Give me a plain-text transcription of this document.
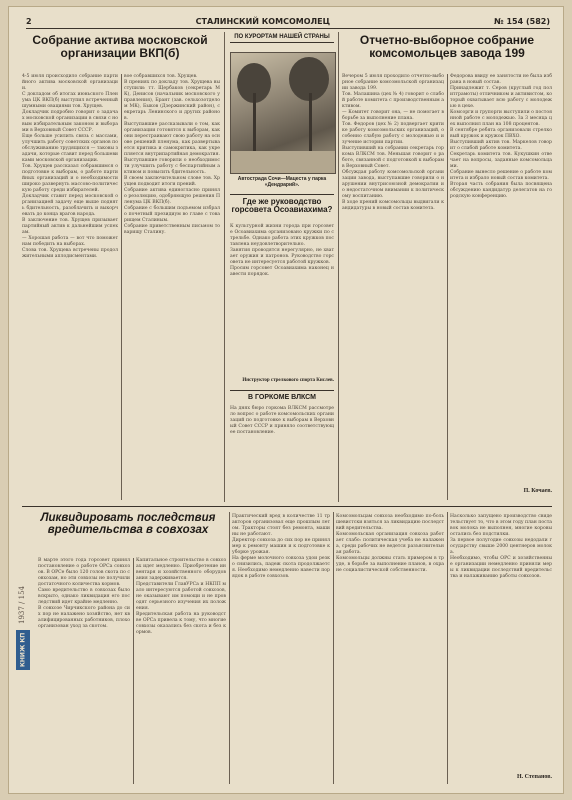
2	СТАЛИНСКИЙ КОМСОМОЛЕЦ	№ 154 (582)
Собрание актива московской организации ВКП(б)
4-5 июля происходило собрание партийного актива московской организации.
С докладом об итогах июньского Пленума ЦК ВКП(б) выступил встреченный шумными овациями тов. Хрущев.
Докладчик подробно говорит о задачах московской организации в связи с новым избирательным законом и выборами в Верховный Совет СССР.
Еще больше усилить связь с массами, улучшить работу советских органов по обслуживанию трудящихся — таковы задачи, которые ставит перед большевиками московской организации.
Тов. Хрущев рассказал собравшимся о подготовке к выборам, о работе партийных организаций и о необходимости широко развернуть массово-политическую работу среди избирателей.
Докладчик ставит перед московской организацией задачу еще выше поднять бдительность, разоблачить и выкорчевать до конца врагов народа.
В заключение тов. Хрущев призывает партийный актив к дальнейшим успехам.
— Хорошая работа — вот что поможет нам победить на выборах.
Слова тов. Хрущева встречены продолжительными аплодисментами.
вое собравшихся тов. Хрущев.
В прениях по докладу тов. Хрущева выступили: тт. Щербаков (секретарь МК), Денисов (начальник московского управления), Брант (зав. сельхозотделом МК), Быков (Дзержинский район), секретарь Ленинского и других районов.
Выступавшие рассказывали о том, как организации готовятся к выборам, как они перестраивают свою работу на основе решений пленума, как развертывается критика и самокритика, как укрепляется внутрипартийная демократия.
Выступавшие говорили о необходимости улучшить работу с беспартийным активом и повысить бдительность.
В своем заключительном слове тов. Хрущев подводит итоги прений.
Собрание актива единогласно приняло резолюцию, одобряющую решения Пленума ЦК ВКП(б).
Собрание с большим подъемом избрало почетный президиум во главе с товарищем Сталиным.
Собрание приветственным письмом товарищу Сталину.
ПО КУРОРТАМ НАШЕЙ СТРАНЫ
Автострада Сочи—Мацеста у парка «Дендрарий».
Где же руководство горсовета Осоавиахима?
К культурной жизни города при горсовете Осоавиахима организовано кружки по стрельбе. Однако работа этих кружков поставлена неудовлетворительно.
Занятия проводятся нерегулярно, не хватает оружия и патронов. Руководство горсовета не интересуется работой кружков.
Просим горсовет Осоавиахима наконец навести порядок.
Инструктор стрелкового спорта Кислев.
В ГОРКОМЕ ВЛКСМ
На днях бюро горкома ВЛКСМ рассмотрело вопрос о работе комсомольских организаций по подготовке к выборам в Верховный Совет СССР и приняло соответствующее постановление.
Отчетно-выборное собрание комсомольцев завода 199
Вечером 5 июля проходило отчетно-выборное собрание комсомольской организации завода 199.
Тов. Малашина (цех № 4) говорит о слабой работе комитета с производственным активом.
— Комитет говорит она, — не помогает в борьбе за выполнение плана.
Тов. Федоров (цех № 2) подвергает критике работу комсомольских организаций, особенно слабую работу с молодежью и изучение истории партии.
Выступивший на собрании секретарь горкома ВЛКСМ тов. Меньшая говорит о работе, связанной с подготовкой к выборам в Верховный Совет.
Обсуждая работу комсомольской организации завода, выступавшие говорили о нарушении внутрисоюзной демократии и о недостаточном внимании к политическому воспитанию.
В ходе прений комсомольцы выдвигали кандидатуры в новый состав комитета.
Федорова ввиду ее занятости не была избрана в новый состав.
Принадлежит т. Серов (круглый год политграмоты) отличником и активистом, который охватывает всю работу с молодежью в цехе.
Комсорги и групорги выступили о постоянной работе с молодежью. За 3 месяца цех выполнил план на 108 процентов.
В сентябре ребята организовали стрелковый кружок и кружок ПВХО.
Выступивший актив тов. Маркелов говорит о слабой работе комитета.
Секретарь комитета тов. Кукушкин отвечает на вопросы, заданные комсомольцами.
Собрание вынесло решение о работе комитета и избрало новый состав комитета.
Вторая часть собрания была посвящена обсуждению кандидатур делегатов на городскую конференцию.
П. Кочаев.
Ликвидировать последствия вредительства в совхозах
В марте этого года горсовет принял постановление о работе ОРСа совхозов. В ОРСе было 120 голов скота по совхозам, но эти совхозы не получили достаточного количества кормов.
Само вредительство в совхозах было вскрыто, однако ликвидация его последствий идет крайне медленно.
В совхозе Чирчикского района до сих пор не налажено хозяйство, нет квалифицированных работников, плохо организован уход за скотом.
Капитальное строительство в совхозах идет медленно. Приобретение инвентаря и хозяйственного оборудования задерживается.
Представители ГлавУРСа и НКПП мало интересуются работой совхозов, не оказывают им помощи и не проводят серьезного изучения их положения.
Вредительская работа на руководстве ОРСа привела к тому, что многие совхозы оказались без скота и без кормов.
Практический вред в количестве 11 тракторов организовал еще прошлым летом. Тракторы стоят без ремонта, машины не работают.
Директор совхоза до сих пор не принял мер к ремонту машин и к подготовке к уборке урожая.
На ферме молочного совхоза удои резко снизились, падеж скота продолжается. Необходимо немедленно навести порядок в работе совхозов.
Комсомольцам совхоза необходимо по-большевистски взяться за ликвидацию последствий вредительства.
Комсомольская организация совхоза работает слабо: политическая учеба не налажена, среди рабочих не ведется разъяснительная работа.
Комсомольцы должны стать примером в труде, в борьбе за выполнение планов, в охране социалистической собственности.
Насколько запущено производство свидетельствует то, что в этом году план поставок молока не выполнен, многие коровы остались без подстилки.
За первое полугодие совхозы недодали государству свыше 2000 центнеров молока.
Необходимо, чтобы ОРС и хозяйственные организации немедленно приняли меры к ликвидации последствий вредительства и налаживанию работы совхозов.
Н. Степанов.
1937 / 154
КНИЖ КП
